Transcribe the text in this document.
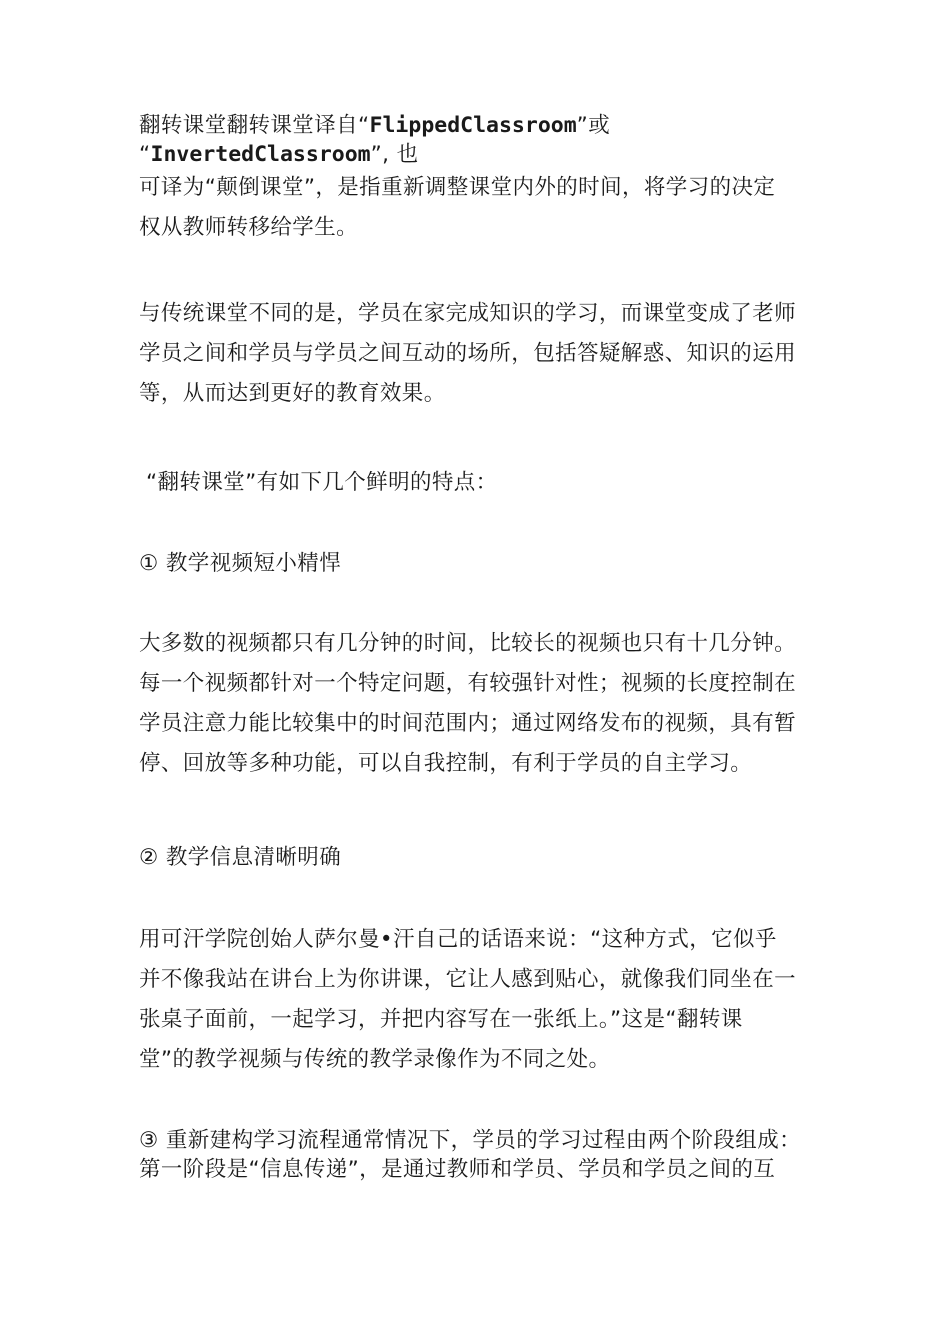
翻转课堂翻转课堂译自“FlippedClassroom”或
“InvertedClassroom”, 也
可译为“颠倒课堂”，是指重新调整课堂内外的时间，将学习的决定
权从教师转移给学生。
与传统课堂不同的是，学员在家完成知识的学习，而课堂变成了老师
学员之间和学员与学员之间互动的场所，包括答疑解惑、知识的运用
等，从而达到更好的教育效果。
“翻转课堂”有如下几个鲜明的特点：
① 教学视频短小精悍
大多数的视频都只有几分钟的时间，比较长的视频也只有十几分钟。
每一个视频都针对一个特定问题，有较强针对性；视频的长度控制在
学员注意力能比较集中的时间范围内；通过网络发布的视频，具有暂
停、回放等多种功能，可以自我控制，有利于学员的自主学习。
② 教学信息清晰明确
用可汗学院创始人萨尔曼•汗自己的话语来说：“这种方式，它似乎
并不像我站在讲台上为你讲课，它让人感到贴心，就像我们同坐在一
张桌子面前，一起学习，并把内容写在一张纸上。”这是“翻转课
堂”的教学视频与传统的教学录像作为不同之处。
③ 重新建构学习流程通常情况下，学员的学习过程由两个阶段组成：
第一阶段是“信息传递”，是通过教师和学员、学员和学员之间的互
